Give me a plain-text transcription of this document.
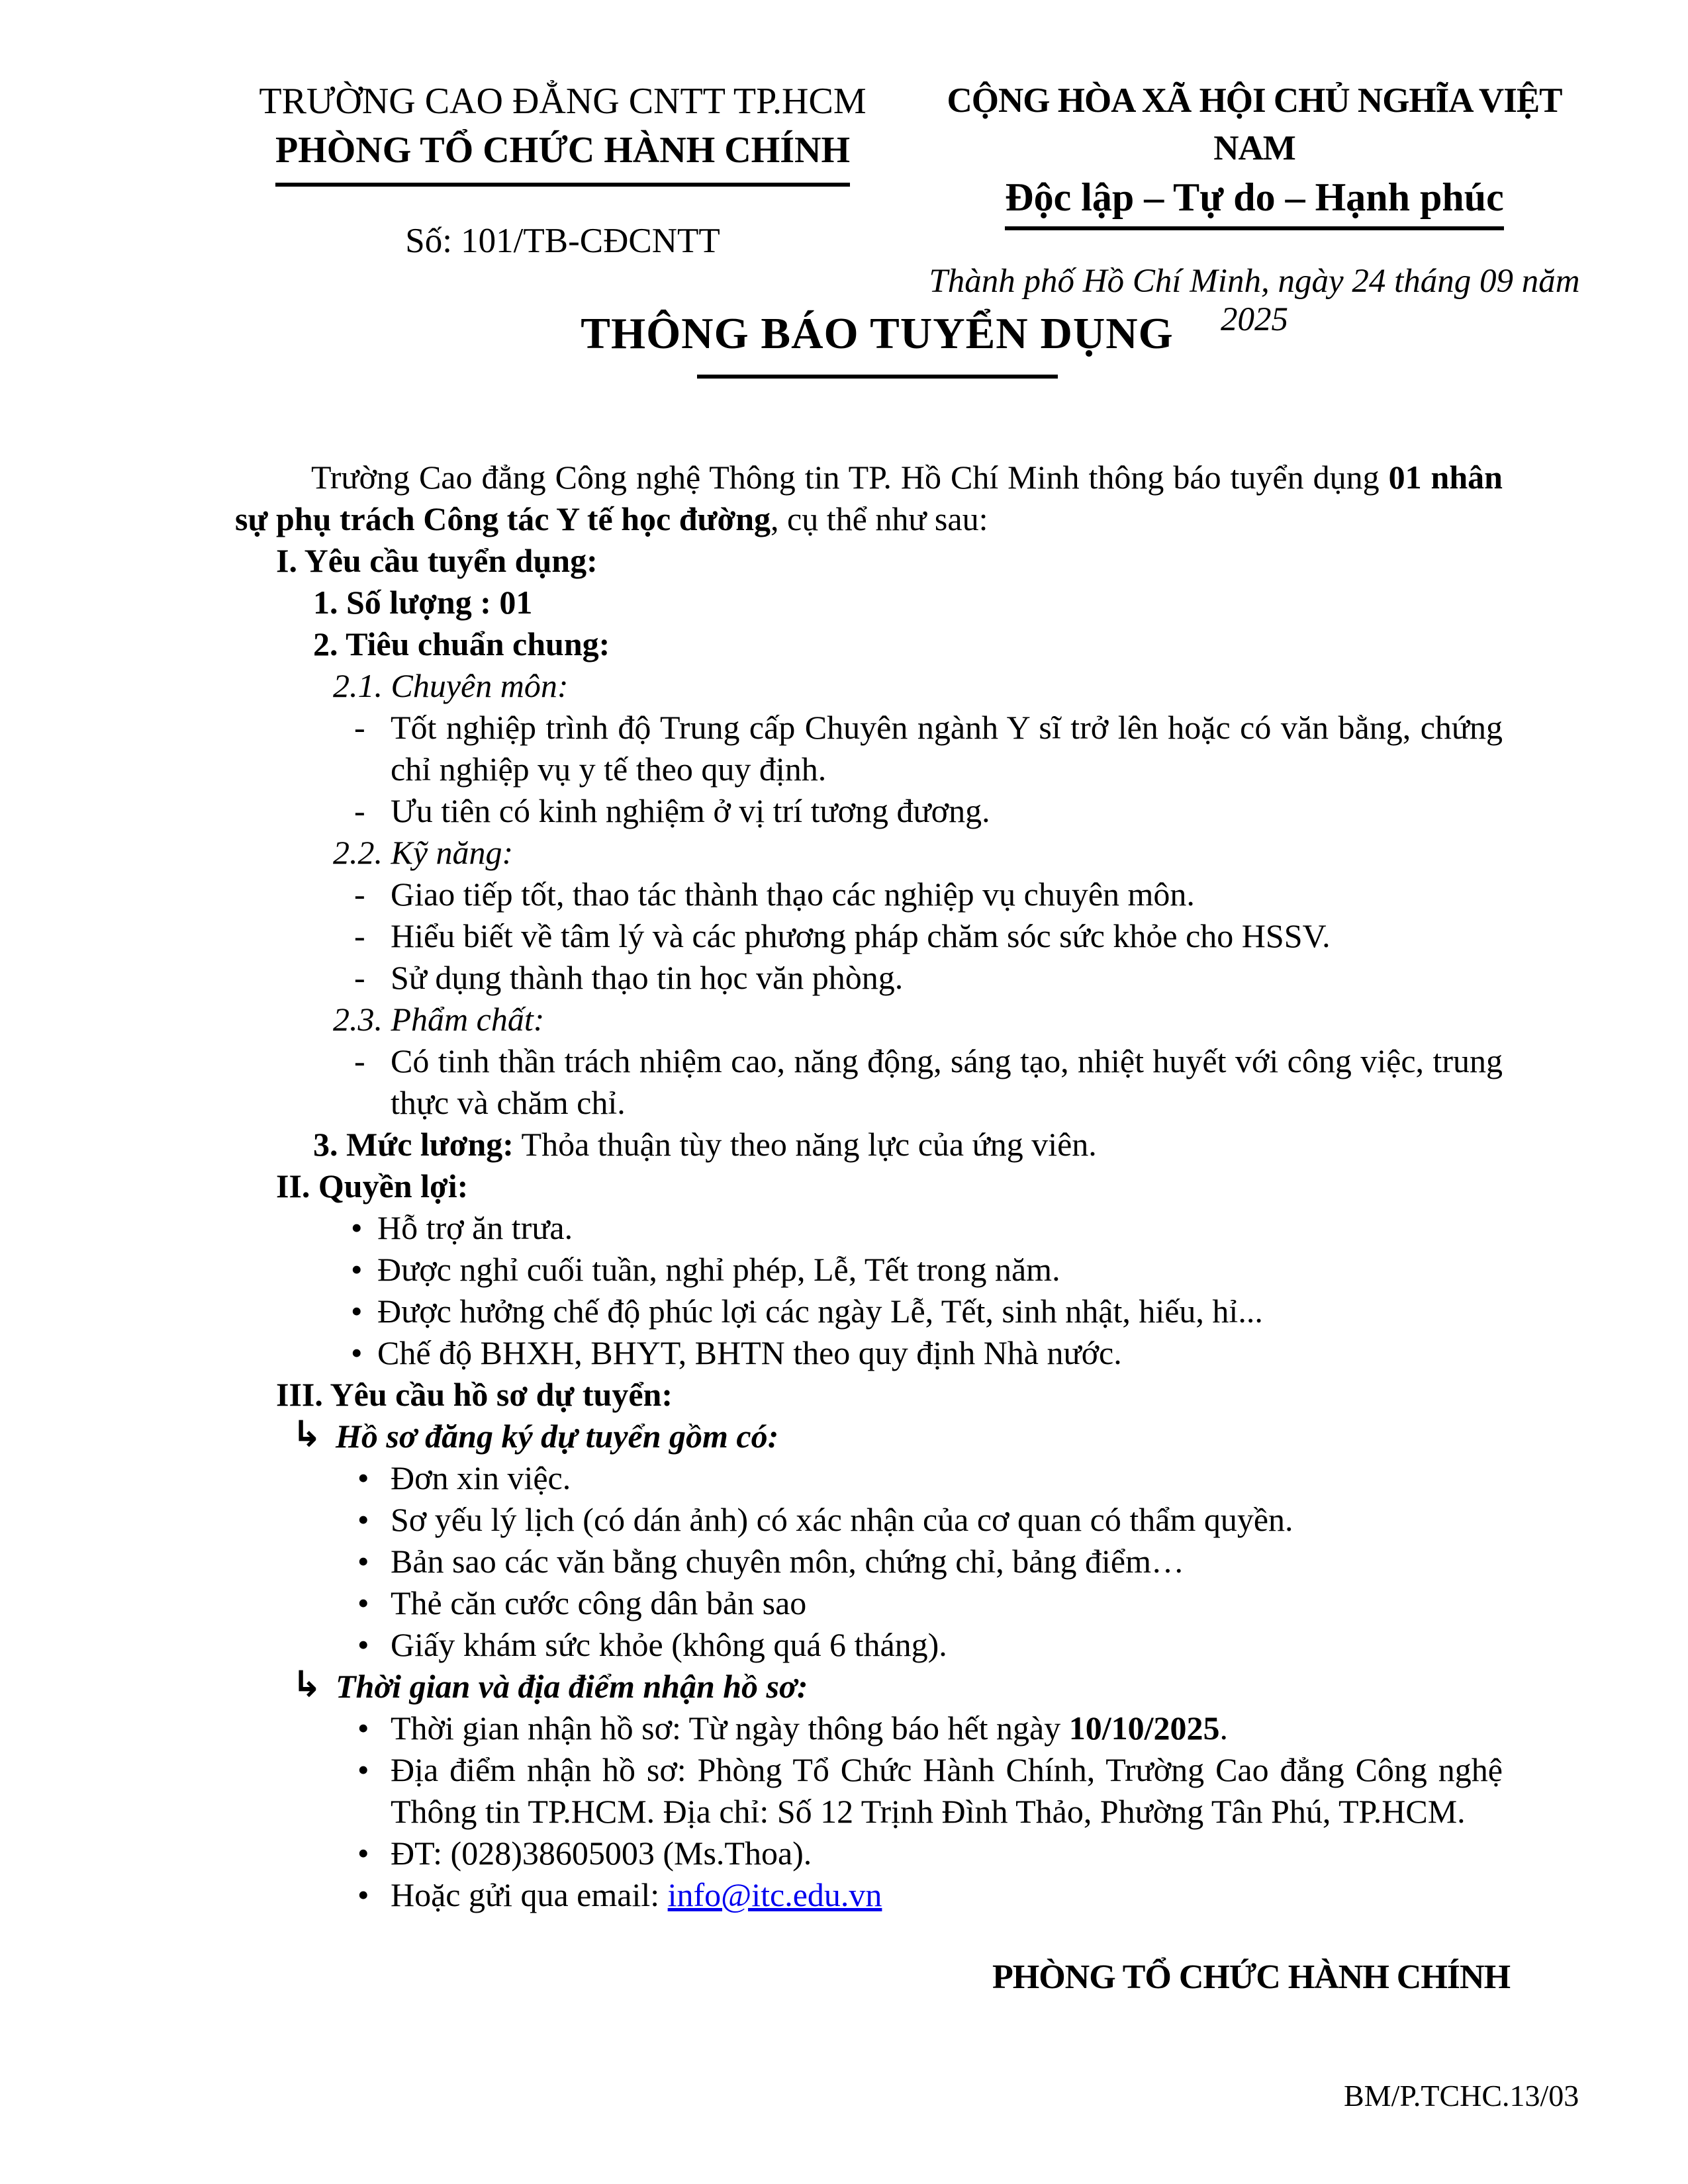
TRƯỜNG CAO ĐẲNG CNTT TP.HCM
PHÒNG TỔ CHỨC HÀNH CHÍNH
Số: 101/TB-CĐCNTT
CỘNG HÒA XÃ HỘI CHỦ NGHĨA VIỆT NAM
Độc lập – Tự do – Hạnh phúc
Thành phố Hồ Chí Minh, ngày 24 tháng 09 năm 2025
THÔNG BÁO TUYỂN DỤNG
Trường Cao đẳng Công nghệ Thông tin TP. Hồ Chí Minh thông báo tuyển dụng 01 nhân sự phụ trách Công tác Y tế học đường, cụ thể như sau:
I. Yêu cầu tuyển dụng:
1. Số lượng : 01
2. Tiêu chuẩn chung:
2.1. Chuyên môn:
- Tốt nghiệp trình độ Trung cấp Chuyên ngành Y sĩ trở lên hoặc có văn bằng, chứng chỉ nghiệp vụ y tế theo quy định.
- Ưu tiên có kinh nghiệm ở vị trí tương đương.
2.2. Kỹ năng:
- Giao tiếp tốt, thao tác thành thạo các nghiệp vụ chuyên môn.
- Hiểu biết về tâm lý và các phương pháp chăm sóc sức khỏe cho HSSV.
- Sử dụng thành thạo tin học văn phòng.
2.3. Phẩm chất:
- Có tinh thần trách nhiệm cao, năng động, sáng tạo, nhiệt huyết với công việc, trung thực và chăm chỉ.
3. Mức lương: Thỏa thuận tùy theo năng lực của ứng viên.
II. Quyền lợi:
• Hỗ trợ ăn trưa.
• Được nghỉ cuối tuần, nghỉ phép, Lễ, Tết trong năm.
• Được hưởng chế độ phúc lợi các ngày Lễ, Tết, sinh nhật, hiếu, hỉ...
• Chế độ BHXH, BHYT, BHTN theo quy định Nhà nước.
III. Yêu cầu hồ sơ dự tuyển:
↳ Hồ sơ đăng ký dự tuyển gồm có:
• Đơn xin việc.
• Sơ yếu lý lịch (có dán ảnh) có xác nhận của cơ quan có thẩm quyền.
• Bản sao các văn bằng chuyên môn, chứng chỉ, bảng điểm…
• Thẻ căn cước công dân bản sao
• Giấy khám sức khỏe (không quá 6 tháng).
↳ Thời gian và địa điểm nhận hồ sơ:
• Thời gian nhận hồ sơ: Từ ngày thông báo hết ngày 10/10/2025.
• Địa điểm nhận hồ sơ: Phòng Tổ Chức Hành Chính, Trường Cao đẳng Công nghệ Thông tin TP.HCM. Địa chỉ: Số 12 Trịnh Đình Thảo, Phường Tân Phú, TP.HCM.
• ĐT: (028)38605003 (Ms.Thoa).
• Hoặc gửi qua email: info@itc.edu.vn
PHÒNG TỔ CHỨC HÀNH CHÍNH
BM/P.TCHC.13/03
